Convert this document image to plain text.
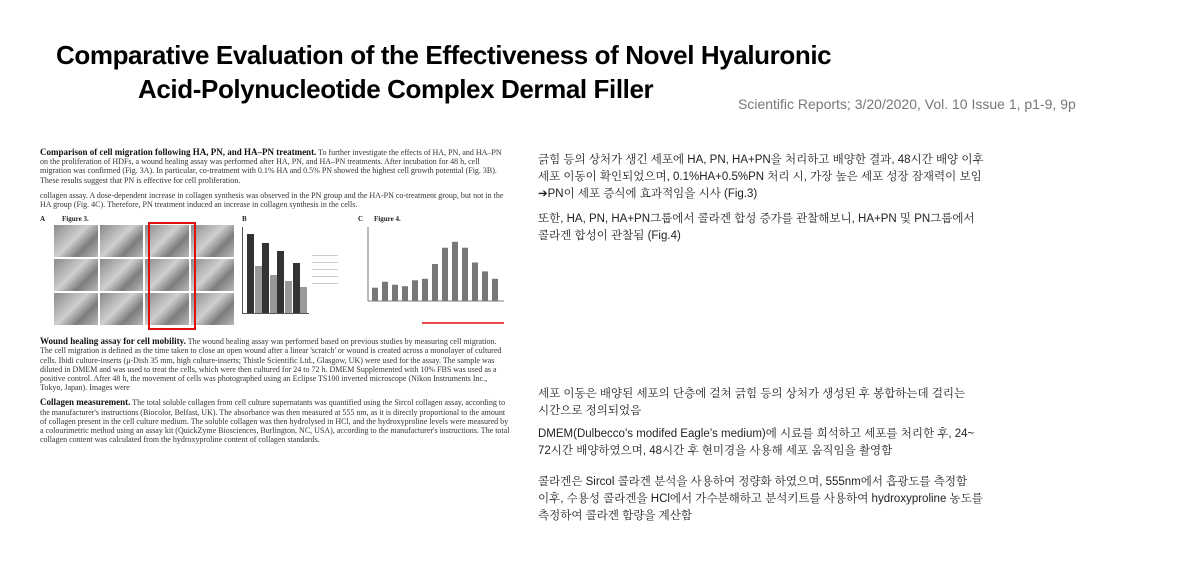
Comparative Evaluation of the Effectiveness of Novel Hyaluronic
Acid-Polynucleotide Complex Dermal Filler	Scientific Reports; 3/20/2020, Vol. 10 Issue 1, p1-9, 9p

Comparison of cell migration following HA, PN, and HA–PN treatment. To further investigate the effects of HA, PN, and HA–PN on the proliferation of HDFs, a wound healing assay was performed after HA, PN, and HA–PN treatments. After incubation for 48 h, cell migration was confirmed (Fig. 3A). In particular, co-treatment with 0.1% HA and 0.5% PN showed the highest cell growth potential (Fig. 3B). These results suggest that PN is effective for cell proliferation.

collagen assay. A dose-dependent increase in collagen synthesis was observed in the PN group and the HA-PN co-treatment group, but not in the HA group (Fig. 4C). Therefore, PN treatment induced an increase in collagen synthesis in the cells.

A Figure 3.	B	C Figure 4.

Wound healing assay for cell mobility. The wound healing assay was performed based on previous studies by measuring cell migration. The cell migration is defined as the time taken to close an open wound after a linear 'scratch' or wound is created across a monolayer of cultured cells. Ibidi culture-inserts (μ-Dish 35 mm, high culture-inserts; Thistle Scientific Ltd., Glasgow, UK) were used for the assay. The sample was diluted in DMEM and was used to treat the cells, which were then cultured for 24 to 72 h. DMEM Supplemented with 10% FBS was used as a positive control. After 48 h, the movement of cells was photographed using an Eclipse TS100 inverted microscope (Nikon Instruments Inc., Tokyo, Japan). Images were

Collagen measurement. The total soluble collagen from cell culture supernatants was quantified using the Sircol collagen assay, according to the manufacturer's instructions (Biocolor, Belfast, UK). The absorbance was then measured at 555 nm, as it is directly proportional to the amount of collagen present in the cell culture medium. The soluble collagen was then hydrolysed in HCl, and the hydroxyproline levels were measured by a colourimetric method using an assay kit (QuickZyme Biosciences, Burlington, NC, USA), according to the manufacturer's instructions. The total collagen content was calculated from the hydroxyproline content of collagen standards.

긁힘 등의 상처가 생긴 세포에 HA, PN, HA+PN을 처리하고 배양한 결과, 48시간 배양 이후
세포 이동이 확인되었으며, 0.1%HA+0.5%PN 처리 시, 가장 높은 세포 성장 잠재력이 보임
➔PN이 세포 증식에 효과적임을 시사 (Fig.3)

또한, HA, PN, HA+PN그룹에서 콜라겐 합성 증가를 관찰해보니, HA+PN 및 PN그룹에서
콜라겐 합성이 관찰됨 (Fig.4)

세포 이동은 배양된 세포의 단층에 걸쳐 긁힘 등의 상처가 생성된 후 봉합하는데 걸리는
시간으로 정의되었음

DMEM(Dulbecco’s modifed Eagle’s medium)에 시료를 희석하고 세포를 처리한 후, 24~
72시간 배양하였으며, 48시간 후 현미경을 사용해 세포 움직임을 촬영함

콜라겐은 Sircol 콜라겐 분석을 사용하여 정량화 하였으며, 555nm에서 흡광도를 측정함
이후, 수용성 콜라겐을 HCl에서 가수분해하고 분석키트를 사용하여 hydroxyproline 농도를
측정하여 콜라겐 함량을 계산함
